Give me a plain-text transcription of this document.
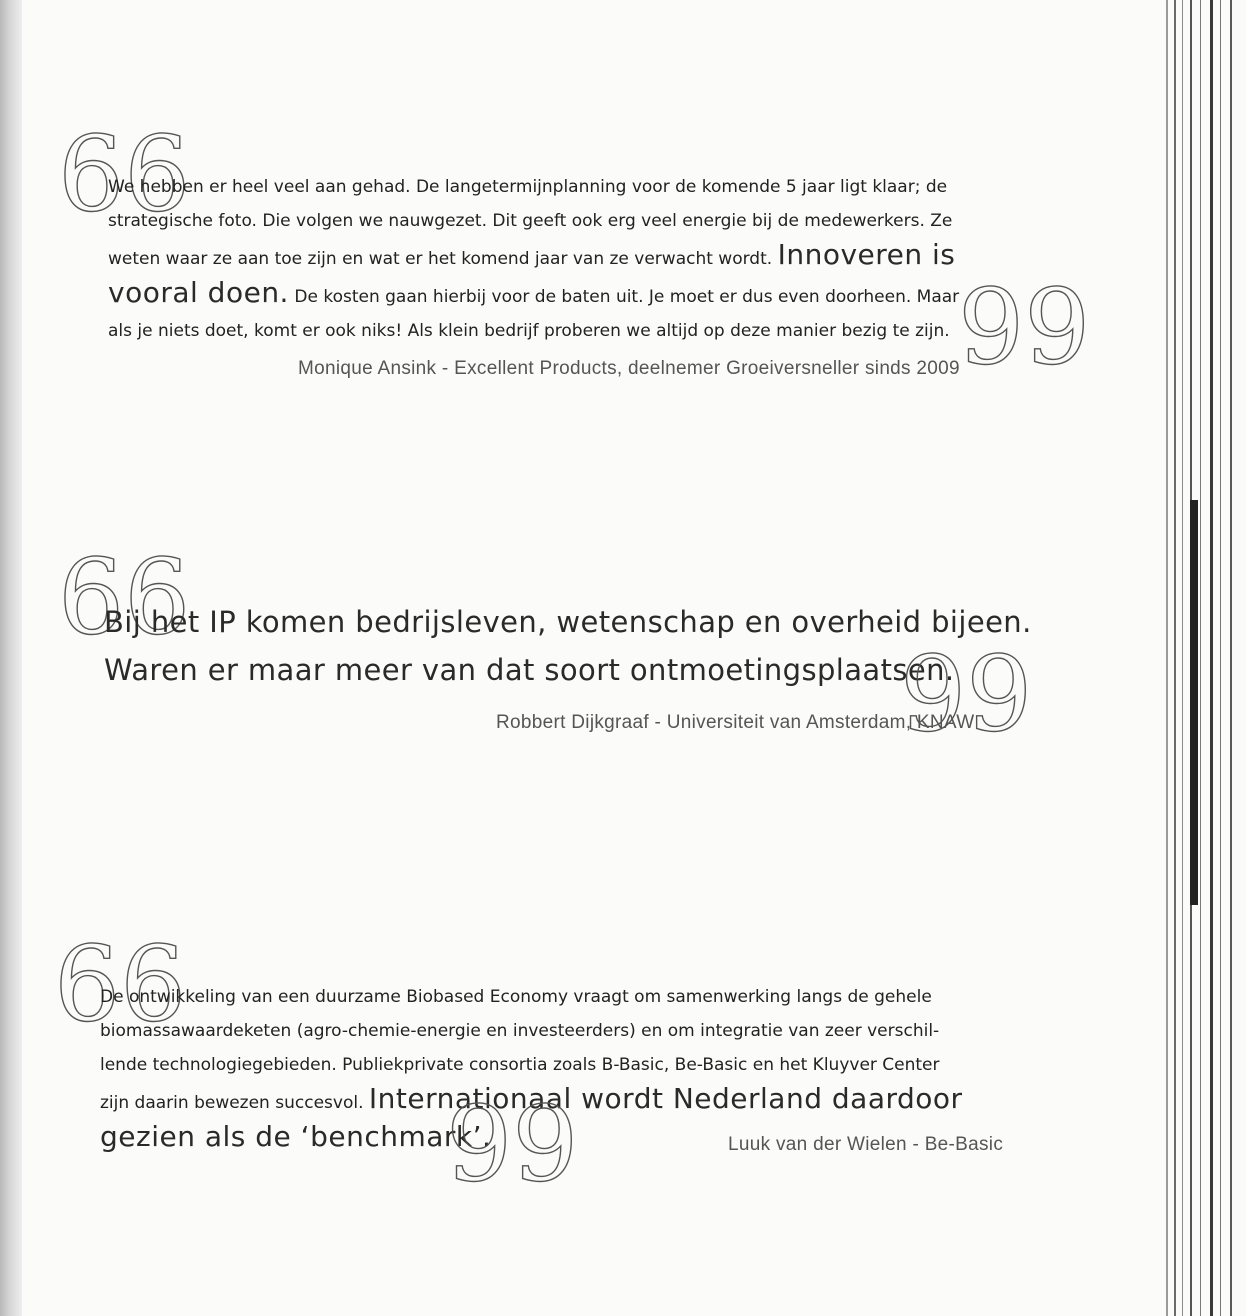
66
We hebben er heel veel aan gehad. De langetermijnplanning voor de komende 5 jaar ligt klaar; de
strategische foto. Die volgen we nauwgezet. Dit geeft ook erg veel energie bij de medewerkers. Ze
weten waar ze aan toe zijn en wat er het komend jaar van ze verwacht wordt. Innoveren is
vooral doen. De kosten gaan hierbij voor de baten uit. Je moet er dus even doorheen. Maar
als je niets doet, komt er ook niks! Als klein bedrijf proberen we altijd op deze manier bezig te zijn. 99
Monique Ansink - Excellent Products, deelnemer Groeiversneller sinds 2009
66
Bij het IP komen bedrijsleven, wetenschap en overheid bijeen.
Waren er maar meer van dat soort ontmoetingsplaatsen.
99
Robbert Dijkgraaf - Universiteit van Amsterdam, KNAW
66
De ontwikkeling van een duurzame Biobased Economy vraagt om samenwerking langs de gehele
biomassawaardeketen (agro-chemie-energie en investeerders) en om integratie van zeer verschil-
lende technologiegebieden. Publiekprivate consortia zoals B-Basic, Be-Basic en het Kluyver Center
zijn daarin bewezen succesvol. Internationaal wordt Nederland daardoor
gezien als de ‘benchmark’.
99	Luuk van der Wielen - Be-Basic
